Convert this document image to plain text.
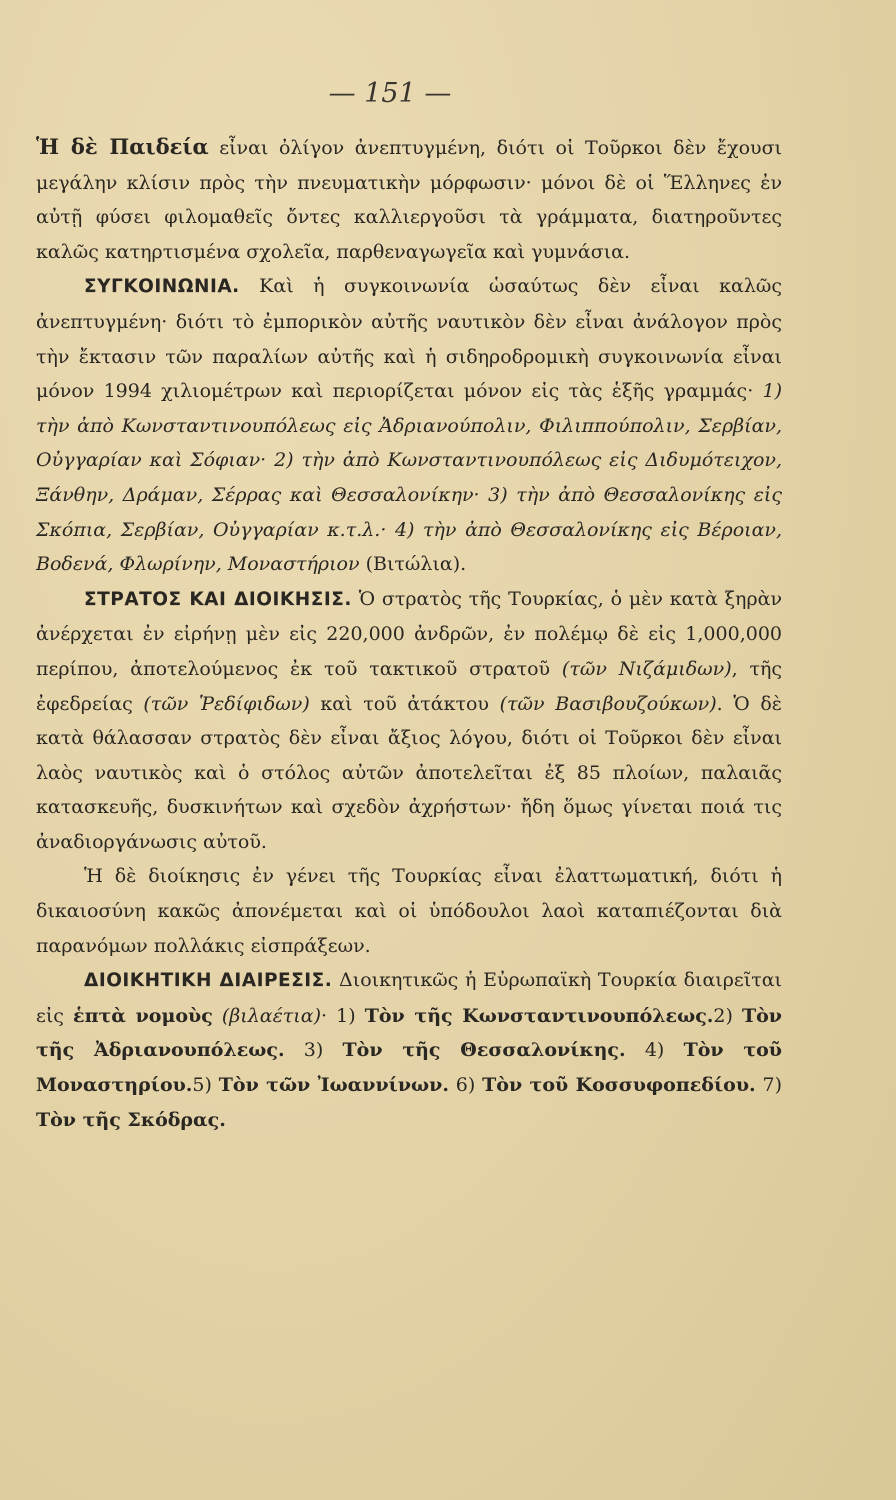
— 151 —

Ἡ δὲ Παιδεία εἶναι ὀλίγον ἀνεπτυγμένη, διότι οἱ Τοῦρκοι δὲν ἔχουσι μεγάλην κλίσιν πρὸς τὴν πνευματικὴν μόρφωσιν· μόνοι δὲ οἱ Ἕλληνες ἐν αὐτῇ φύσει φιλομαθεῖς ὄντες καλλιεργοῦσι τὰ γράμματα, διατηροῦντες καλῶς κατηρτισμένα σχολεῖα, παρθεναγωγεῖα καὶ γυμνάσια.

ΣΥΓΚΟΙΝΩΝΙΑ. Καὶ ἡ συγκοινωνία ὡσαύτως δὲν εἶναι καλῶς ἀνεπτυγμένη· διότι τὸ ἐμπορικὸν αὐτῆς ναυτικὸν δὲν εἶναι ἀνάλογον πρὸς τὴν ἔκτασιν τῶν παραλίων αὐτῆς καὶ ἡ σιδηροδρομικὴ συγκοινωνία εἶναι μόνον 1994 χιλιομέτρων καὶ περιορίζεται μόνον εἰς τὰς ἑξῆς γραμμάς· 1) τὴν ἀπὸ Κωνσταντινουπόλεως εἰς Ἀδριανούπολιν, Φιλιππούπολιν, Σερβίαν, Οὐγγαρίαν καὶ Σόφιαν· 2) τὴν ἀπὸ Κωνσταντινουπόλεως εἰς Διδυμότειχον, Ξάνθην, Δράμαν, Σέρρας καὶ Θεσσαλονίκην· 3) τὴν ἀπὸ Θεσσαλονίκης εἰς Σκόπια, Σερβίαν, Οὐγγαρίαν κ.τ.λ.· 4) τὴν ἀπὸ Θεσσαλονίκης εἰς Βέροιαν, Βοδενά, Φλωρίνην, Μοναστήριον (Βιτώλια).

ΣΤΡΑΤΟΣ ΚΑΙ ΔΙΟΙΚΗΣΙΣ. Ὁ στρατὸς τῆς Τουρκίας, ὁ μὲν κατὰ ξηρὰν ἀνέρχεται ἐν εἰρήνῃ μὲν εἰς 220,000 ἀνδρῶν, ἐν πολέμῳ δὲ εἰς 1,000,000 περίπου, ἀποτελούμενος ἐκ τοῦ τακτικοῦ στρατοῦ (τῶν Νιζάμιδων), τῆς ἐφεδρείας (τῶν Ῥεδίφιδων) καὶ τοῦ ἀτάκτου (τῶν Βασιβουζούκων). Ὁ δὲ κατὰ θάλασσαν στρατὸς δὲν εἶναι ἄξιος λόγου, διότι οἱ Τοῦρκοι δὲν εἶναι λαὸς ναυτικὸς καὶ ὁ στόλος αὐτῶν ἀποτελεῖται ἐξ 85 πλοίων, παλαιᾶς κατασκευῆς, δυσκινήτων καὶ σχεδὸν ἀχρήστων· ἤδη ὅμως γίνεται ποιά τις ἀναδιοργάνωσις αὐτοῦ.

Ἡ δὲ διοίκησις ἐν γένει τῆς Τουρκίας εἶναι ἐλαττωματική, διότι ἡ δικαιοσύνη κακῶς ἀπονέμεται καὶ οἱ ὑπόδουλοι λαοὶ καταπιέζονται διὰ παρανόμων πολλάκις εἰσπράξεων.

ΔΙΟΙΚΗΤΙΚΗ ΔΙΑΙΡΕΣΙΣ. Διοικητικῶς ἡ Εὐρωπαϊκὴ Τουρκία διαιρεῖται εἰς ἑπτὰ νομοὺς (βιλαέτια)· 1) Τὸν τῆς Κωνσταντινουπόλεως.2) Τὸν τῆς Ἀδριανουπόλεως. 3) Τὸν τῆς Θεσσαλονίκης. 4) Τὸν τοῦ Μοναστηρίου.5) Τὸν τῶν Ἰωαννίνων. 6) Τὸν τοῦ Κοσσυφοπεδίου. 7) Τὸν τῆς Σκόδρας.
